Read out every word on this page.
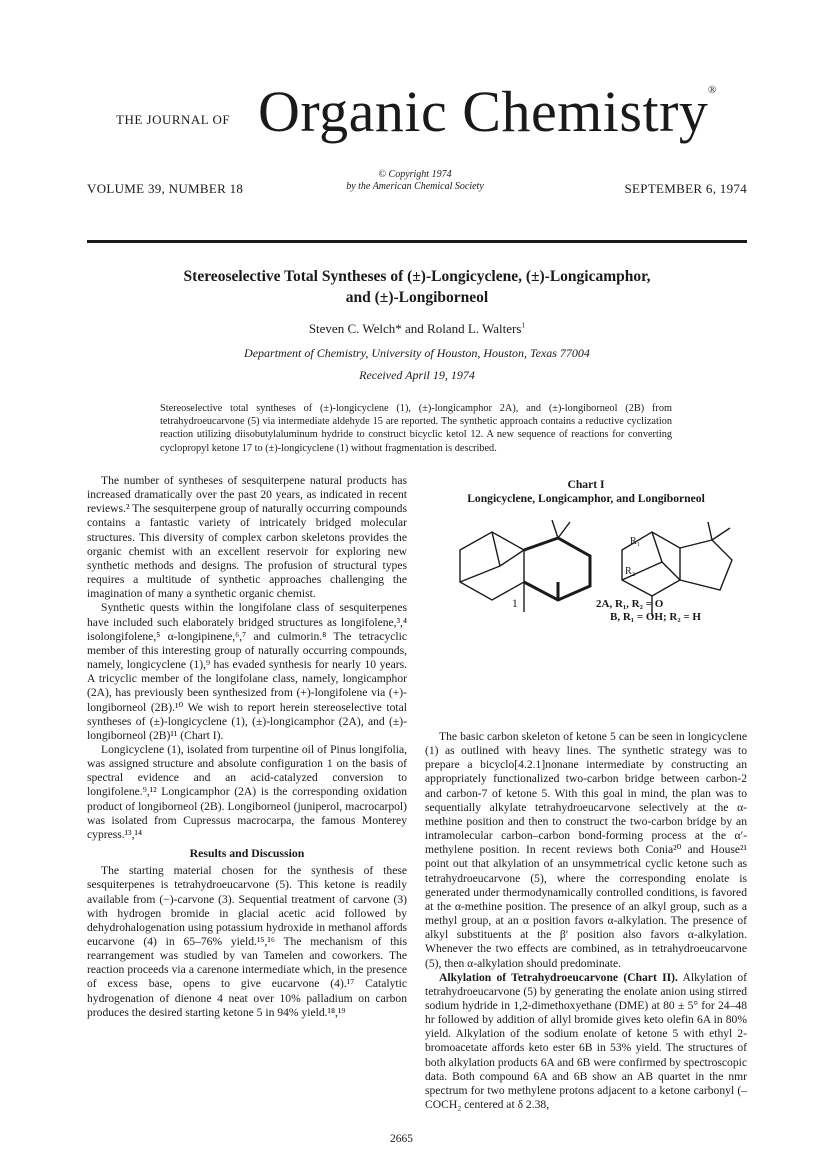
THE JOURNAL OF Organic Chemistry ®
VOLUME 39, NUMBER 18
© Copyright 1974
by the American Chemical Society	SEPTEMBER 6, 1974
Stereoselective Total Syntheses of (±)-Longicyclene, (±)-Longicamphor,
and (±)-Longiborneol
Steven C. Welch* and Roland L. Walters$^1$
Department of Chemistry, University of Houston, Houston, Texas 77004
Received April 19, 1974
Stereoselective total syntheses of (±)-longicyclene (1), (±)-longicamphor 2A), and (±)-longiborneol (2B) from tetrahydroeucarvone (5) via intermediate aldehyde 15 are reported. The synthetic approach contains a reductive cyclization reaction utilizing diisobutylaluminum hydride to construct bicyclic ketol 12. A new sequence of reactions for converting cyclopropyl ketone 17 to (±)-longicyclene (1) without fragmentation is described.

The number of syntheses of sesquiterpene natural products has increased dramatically over the past 20 years, as indicated in recent reviews.² The sesquiterpene group of naturally occurring compounds contains a fantastic variety of intricately bridged molecular structures. This diversity of complex carbon skeletons provides the organic chemist with an excellent reservoir for exploring new synthetic methods and designs. The profusion of structural types requires a multitude of synthetic approaches challenging the imagination of many a synthetic organic chemist.

Synthetic quests within the longifolane class of sesquiterpenes have included such elaborately bridged structures as longifolene,³,⁴ isolongifolene,⁵ α-longipinene,⁶,⁷ and culmorin.⁸ The tetracyclic member of this interesting group of naturally occurring compounds, namely, longicyclene (1),⁹ has evaded synthesis for nearly 10 years. A tricyclic member of the longifolane class, namely, longicamphor (2A), has previously been synthesized from (+)-longifolene via (+)-longiborneol (2B).¹⁰ We wish to report herein stereoselective total syntheses of (±)-longicyclene (1), (±)-longicamphor (2A), and (±)-longiborneol (2B)¹¹ (Chart I).

Longicyclene (1), isolated from turpentine oil of Pinus longifolia, was assigned structure and absolute configuration 1 on the basis of spectral evidence and an acid-catalyzed conversion to longifolene.⁹,¹² Longicamphor (2A) is the corresponding oxidation product of longiborneol (2B). Longiborneol (juniperol, macrocarpol) was isolated from Cupressus macrocarpa, the famous Monterey cypress.¹³,¹⁴

Results and Discussion

The starting material chosen for the synthesis of these sesquiterpenes is tetrahydroeucarvone (5). This ketone is readily available from (−)-carvone (3). Sequential treatment of carvone (3) with hydrogen bromide in glacial acetic acid followed by dehydrohalogenation using potassium hydroxide in methanol affords eucarvone (4) in 65–76% yield.¹⁵,¹⁶ The mechanism of this rearrangement was studied by van Tamelen and coworkers. The reaction proceeds via a carenone intermediate which, in the presence of excess base, opens to give eucarvone (4).¹⁷ Catalytic hydrogenation of dienone 4 neat over 10% palladium on carbon produces the desired starting ketone 5 in 94% yield.¹⁸,¹⁹

Chart I
Longicyclene, Longicamphor, and Longiborneol
R₁
R₂
1	2A, R₁, R₂ = O
B, R₁ = OH; R₂ = H

The basic carbon skeleton of ketone 5 can be seen in longicyclene (1) as outlined with heavy lines. The synthetic strategy was to prepare a bicyclo[4.2.1]nonane intermediate by constructing an appropriately functionalized two-carbon bridge between carbon-2 and carbon-7 of ketone 5. With this goal in mind, the plan was to sequentially alkylate tetrahydroeucarvone selectively at the α-methine position and then to construct the two-carbon bridge by an intramolecular carbon–carbon bond-forming process at the α′-methylene position. In recent reviews both Conia²⁰ and House²¹ point out that alkylation of an unsymmetrical cyclic ketone such as tetrahydroeucarvone (5), where the corresponding enolate is generated under thermodynamically controlled conditions, is favored at the α-methine position. The presence of an alkyl group, such as a methyl group, at an α position favors α-alkylation. The presence of alkyl substituents at the β′ position also favors α-alkylation. Whenever the two effects are combined, as in tetrahydroeucarvone (5), then α-alkylation should predominate.

Alkylation of Tetrahydroeucarvone (Chart II). Alkylation of tetrahydroeucarvone (5) by generating the enolate anion using stirred sodium hydride in 1,2-dimethoxyethane (DME) at 80 ± 5° for 24–48 hr followed by addition of allyl bromide gives keto olefin 6A in 80% yield. Alkylation of the sodium enolate of ketone 5 with ethyl 2-bromoacetate affords keto ester 6B in 53% yield. The structures of both alkylation products 6A and 6B were confirmed by spectroscopic data. Both compound 6A and 6B show an AB quartet in the nmr spectrum for two methylene protons adjacent to a ketone carbonyl (–COCH₂ centered at δ 2.38,

2665
